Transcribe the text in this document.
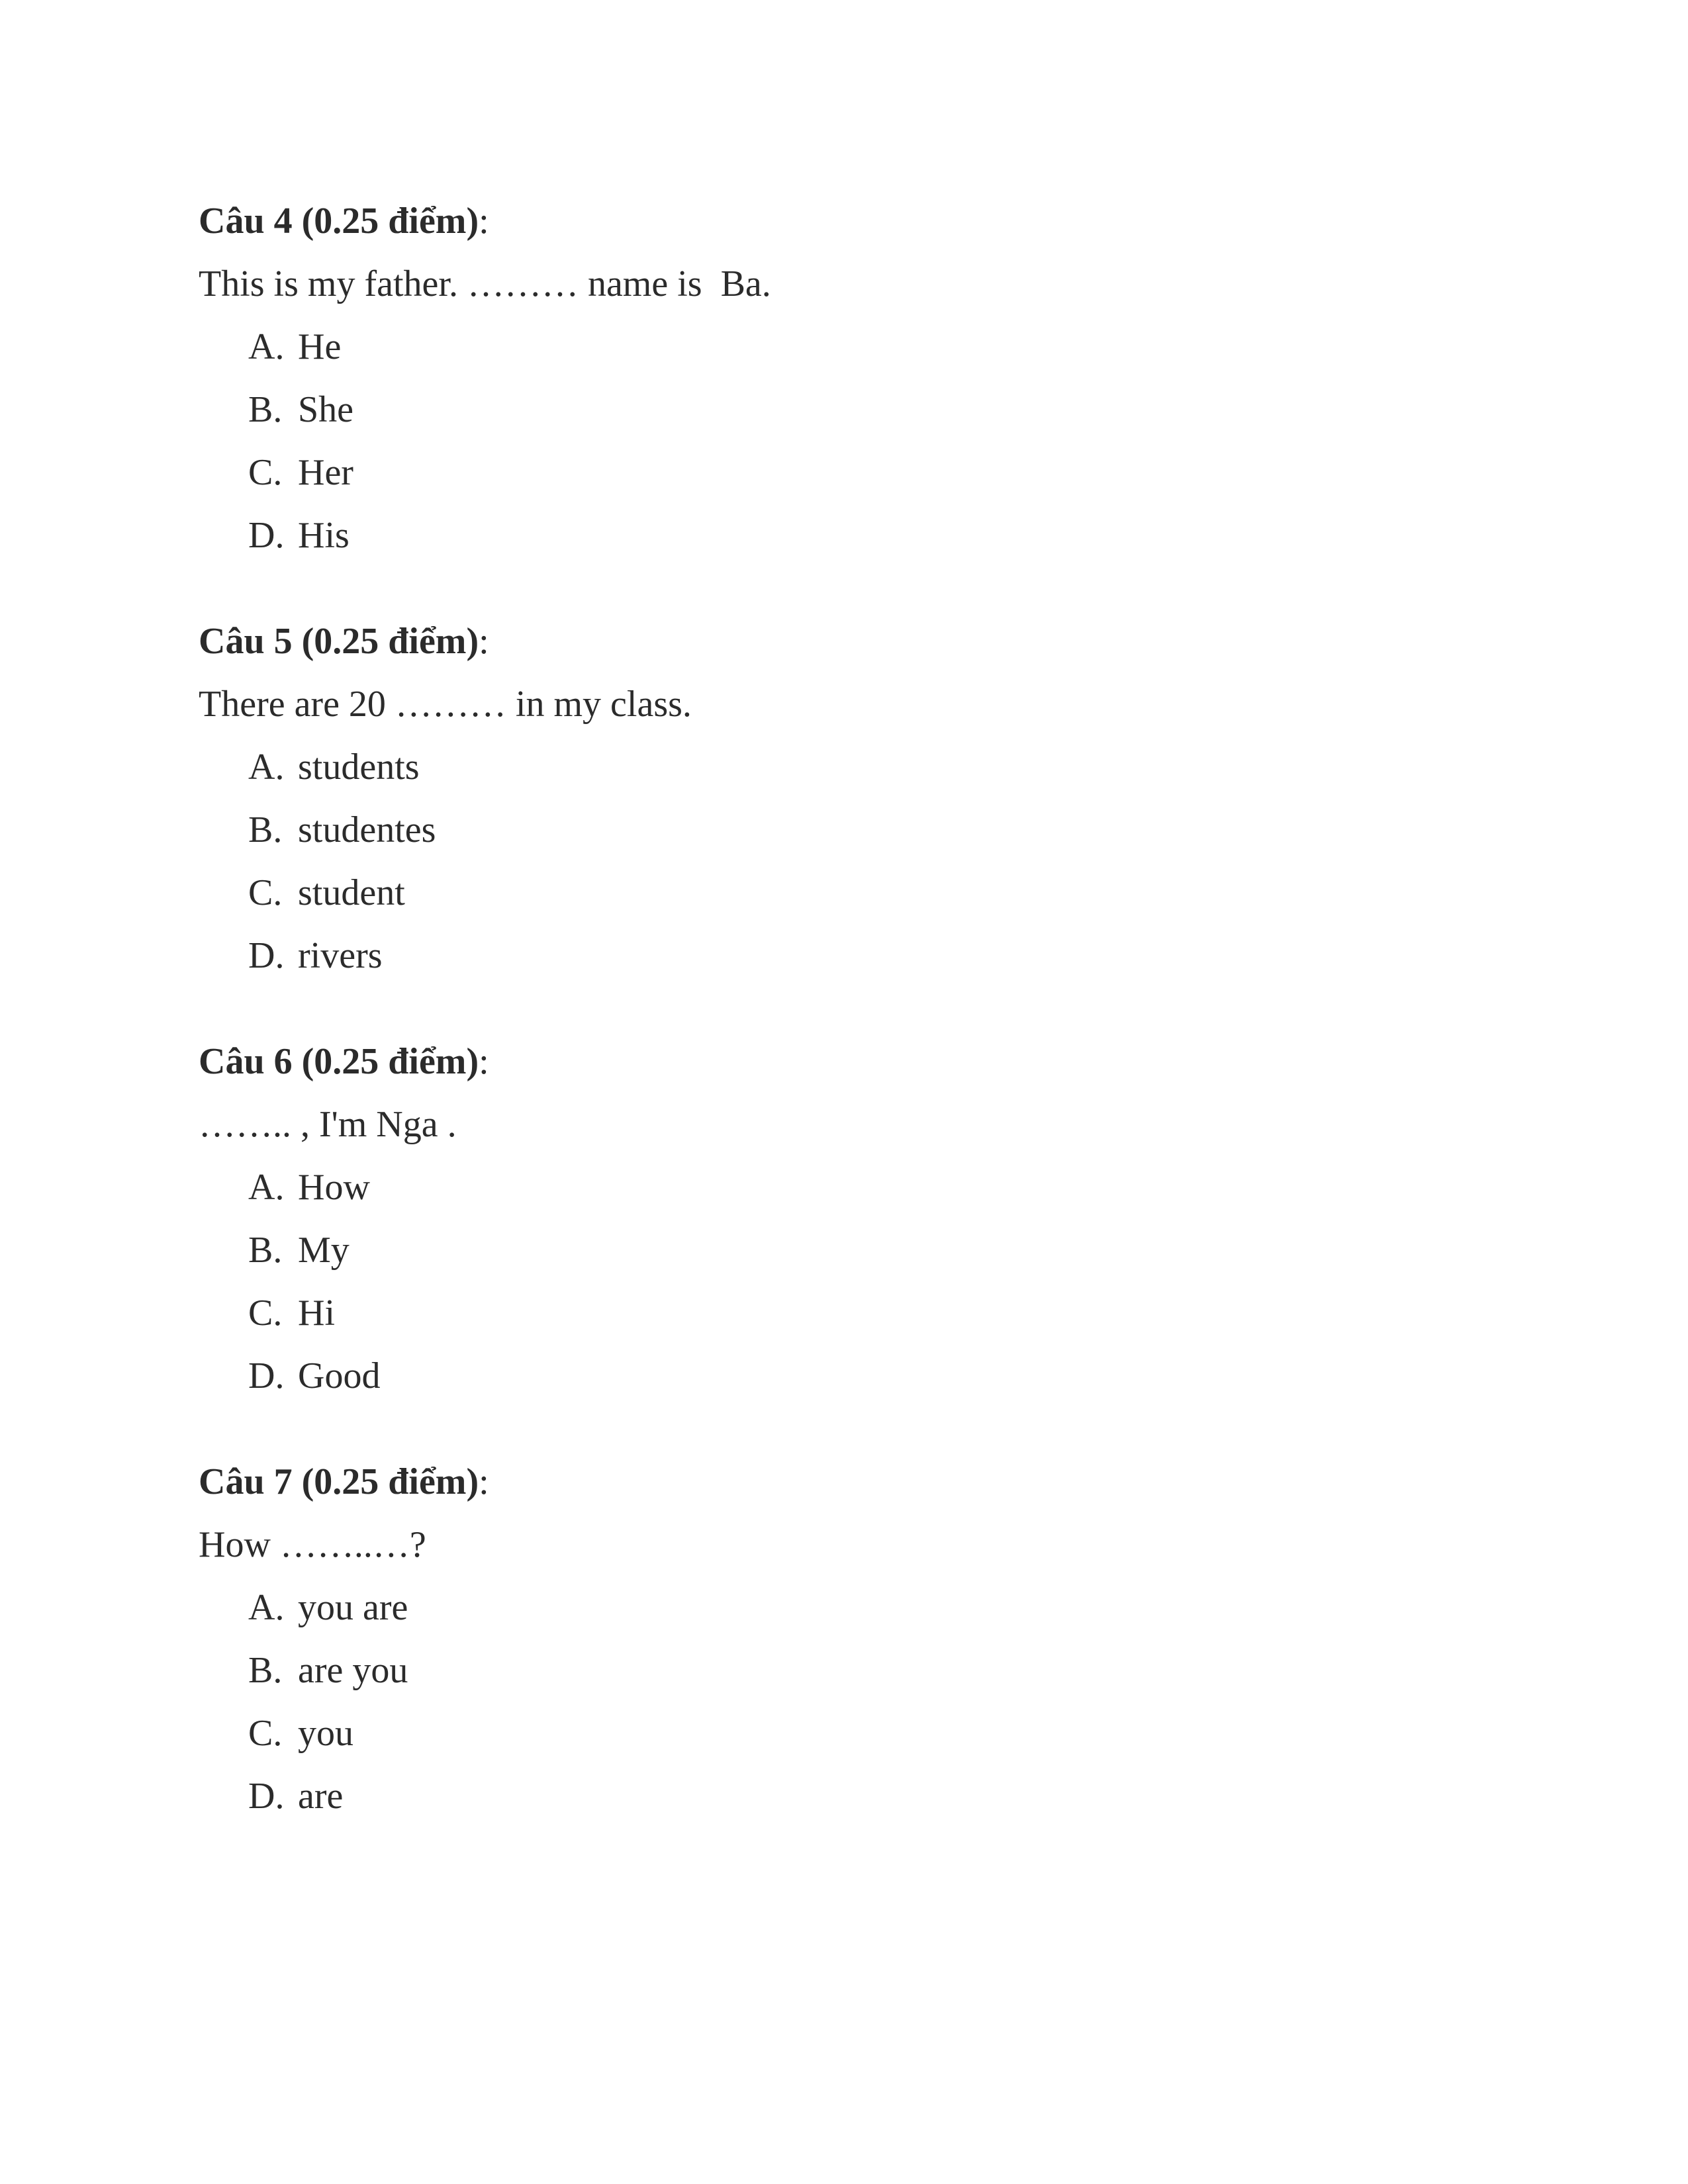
Câu 4 (0.25 điểm):
This is my father. ……… name is  Ba.
A. He
B. She
C. Her
D. His
Câu 5 (0.25 điểm):
There are 20 ……… in my class.
A. students
B. studentes
C. student
D. rivers
Câu 6 (0.25 điểm):
…….. , I'm Nga .
A. How
B. My
C. Hi
D. Good
Câu 7 (0.25 điểm):
How ……..…?
A. you are
B. are you
C. you
D. are
